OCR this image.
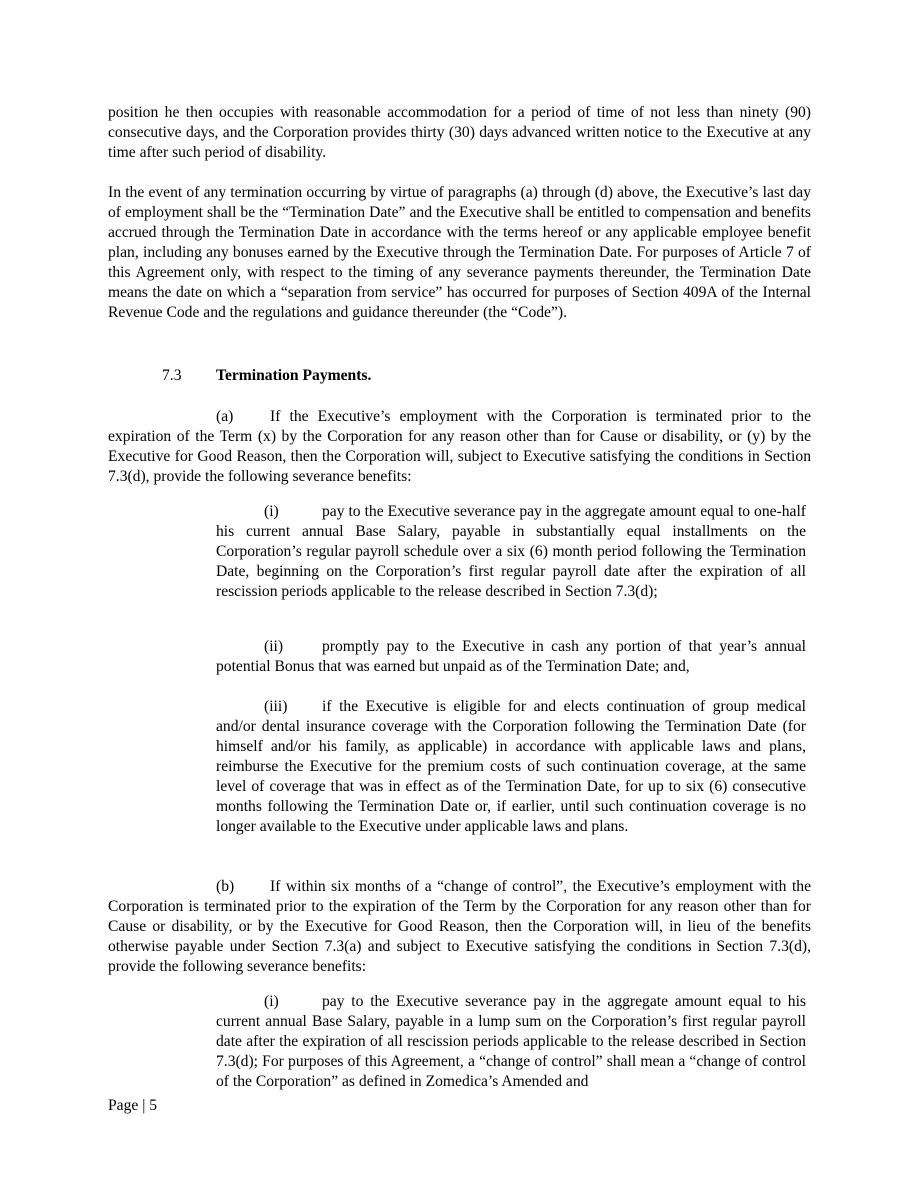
position he then occupies with reasonable accommodation for a period of time of not less than ninety (90) consecutive days, and the Corporation provides thirty (30) days advanced written notice to the Executive at any time after such period of disability.

In the event of any termination occurring by virtue of paragraphs (a) through (d) above, the Executive’s last day of employment shall be the “Termination Date” and the Executive shall be entitled to compensation and benefits accrued through the Termination Date in accordance with the terms hereof or any applicable employee benefit plan, including any bonuses earned by the Executive through the Termination Date. For purposes of Article 7 of this Agreement only, with respect to the timing of any severance payments thereunder, the Termination Date means the date on which a “separation from service” has occurred for purposes of Section 409A of the Internal Revenue Code and the regulations and guidance thereunder (the “Code”).

7.3 Termination Payments.

(a) If the Executive’s employment with the Corporation is terminated prior to the expiration of the Term (x) by the Corporation for any reason other than for Cause or disability, or (y) by the Executive for Good Reason, then the Corporation will, subject to Executive satisfying the conditions in Section 7.3(d), provide the following severance benefits:

(i)	pay to the Executive severance pay in the aggregate amount equal to one-half his current annual Base Salary, payable in substantially equal installments on the Corporation’s regular payroll schedule over a six (6) month period following the Termination Date, beginning on the Corporation’s first regular payroll date after the expiration of all rescission periods applicable to the release described in Section 7.3(d);

(ii) promptly pay to the Executive in cash any portion of that year’s annual potential Bonus that was earned but unpaid as of the Termination Date; and,

(iii) if the Executive is eligible for and elects continuation of group medical and/or dental insurance coverage with the Corporation following the Termination Date (for himself and/or his family, as applicable) in accordance with applicable laws and plans, reimburse the Executive for the premium costs of such continuation coverage, at the same level of coverage that was in effect as of the Termination Date, for up to six (6) consecutive months following the Termination Date or, if earlier, until such continuation coverage is no longer available to the Executive under applicable laws and plans.

(b) If within six months of a “change of control”, the Executive’s employment with the Corporation is terminated prior to the expiration of the Term by the Corporation for any reason other than for Cause or disability, or by the Executive for Good Reason, then the Corporation will, in lieu of the benefits otherwise payable under Section 7.3(a) and subject to Executive satisfying the conditions in Section 7.3(d), provide the following severance benefits:

(i)	pay to the Executive severance pay in the aggregate amount equal to his current annual Base Salary, payable in a lump sum on the Corporation’s first regular payroll date after the expiration of all rescission periods applicable to the release described in Section 7.3(d); For purposes of this Agreement, a “change of control” shall mean a “change of control of the Corporation” as defined in Zomedica’s Amended and

Page | 5
